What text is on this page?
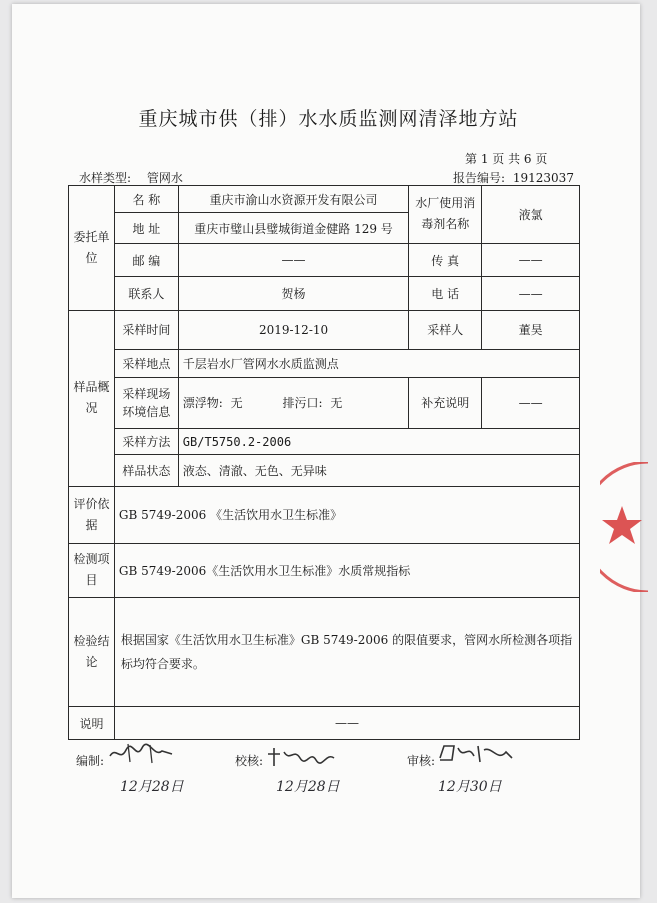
重庆城市供（排）水水质监测网清泽地方站
第 1 页 共 6 页
水样类型: 管网水	报告编号: 19123037
委托单位	名 称	重庆市渝山水资源开发有限公司	水厂使用消毒剂名称	液氯
	地 址	重庆市璧山县璧城街道金健路 129 号		
	邮 编	——	传 真	——
	联系人	贺杨	电 话	——
样品概况	采样时间	2019-12-10	采样人	董昊
	采样地点	千层岩水厂管网水水质监测点		
	采样现场环境信息	漂浮物: 无 排污口: 无	补充说明	——
	采样方法	GB/T5750.2-2006		
	样品状态	液态、清澈、无色、无异味		
评价依据	GB 5749-2006 《生活饮用水卫生标准》			
检测项目	GB 5749-2006《生活饮用水卫生标准》水质常规指标			
检验结论	根据国家《生活饮用水卫生标准》GB 5749-2006 的限值要求，管网水所检测各项指标均符合要求。			
说明	——			
编制:
12月28日
校核:
12月28日
审核:
12月30日
